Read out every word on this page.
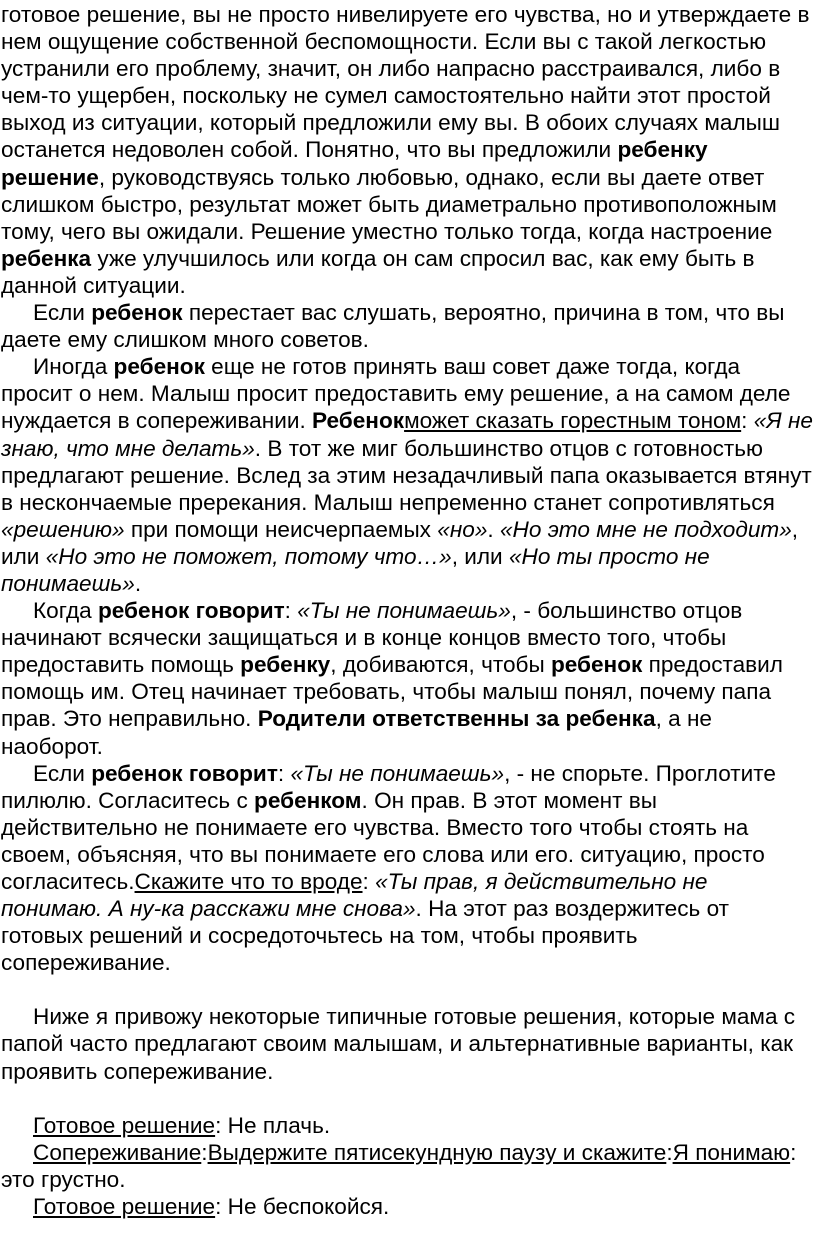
готовое решение, вы не просто нивелируете его чувства, но и утверждаете в нем ощущение собственной беспомощности. Если вы с такой легкостью устранили его проблему, значит, он либо напрасно расстраивался, либо в чем-то ущербен, поскольку не сумел самостоятельно найти этот простой выход из ситуации, который предложили ему вы. В обоих случаях малыш останется недоволен собой. Понятно, что вы предложили ребенку решение, руководствуясь только любовью, однако, если вы даете ответ слишком быстро, результат может быть диаметрально противоположным тому, чего вы ожидали. Решение уместно только тогда, когда настроение ребенка уже улучшилось или когда он сам спросил вас, как ему быть в данной ситуации.

Если ребенок перестает вас слушать, вероятно, причина в том, что вы даете ему слишком много советов.

Иногда ребенок еще не готов принять ваш совет даже тогда, когда просит о нем. Малыш просит предоставить ему решение, а на самом деле нуждается в сопереживании. Ребенокможет сказать горестным тоном: «Я не знаю, что мне делать». В тот же миг большинство отцов с готовностью предлагают решение. Вслед за этим незадачливый папа оказывается втянут в нескончаемые пререкания. Малыш непременно станет сопротивляться «решению» при помощи неисчерпаемых «но». «Но это мне не подходит», или «Но это не поможет, потому что…», или «Но ты просто не понимаешь».

Когда ребенок говорит: «Ты не понимаешь», - большинство отцов начинают всячески защищаться и в конце концов вместо того, чтобы предоставить помощь ребенку, добиваются, чтобы ребенок предоставил помощь им. Отец начинает требовать, чтобы малыш понял, почему папа прав. Это неправильно. Родители ответственны за ребенка, а не наоборот.

Если ребенок говорит: «Ты не понимаешь», - не спорьте. Проглотите пилюлю. Согласитесь с ребенком. Он прав. В этот момент вы действительно не понимаете его чувства. Вместо того чтобы стоять на своем, объясняя, что вы понимаете его слова или его. ситуацию, просто согласитесь.Скажите что то вроде: «Ты прав, я действительно не понимаю. А ну-ка расскажи мне снова». На этот раз воздержитесь от готовых решений и сосредоточьтесь на том, чтобы проявить сопереживание.

Ниже я привожу некоторые типичные готовые решения, которые мама с папой часто предлагают своим малышам, и альтернативные варианты, как проявить сопереживание.

Готовое решение: Не плачь.

Сопереживание:Выдержите пятисекундную паузу и скажите:Я понимаю: это грустно.

Готовое решение: Не беспокойся.
